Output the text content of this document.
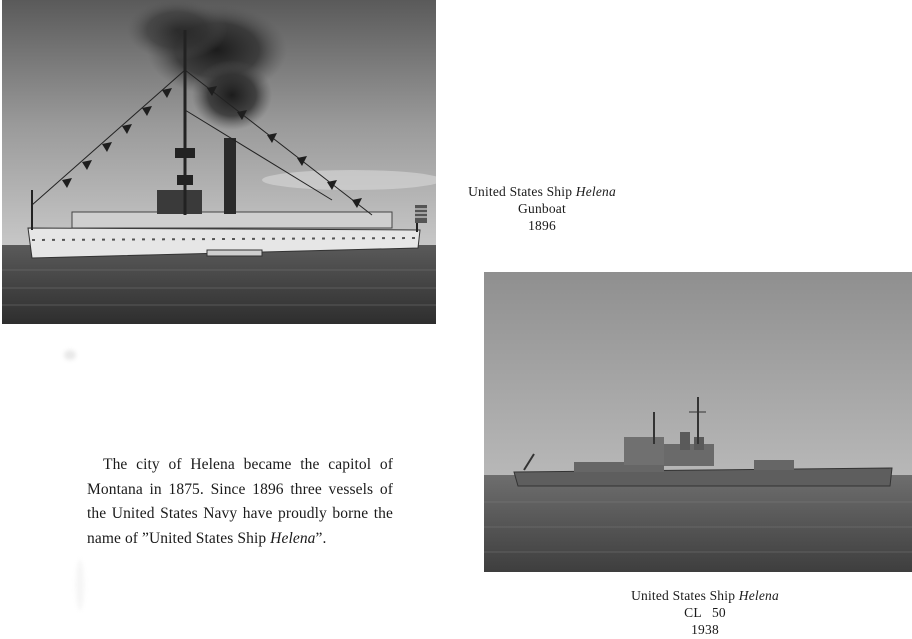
United States Ship Helena
Gunboat
1896
United States Ship Helena
CL   50
1938
The city of Helena became the capitol of Montana in 1875. Since 1896 three vessels of the United States Navy have proudly borne the name of ”United States Ship Helena”.
